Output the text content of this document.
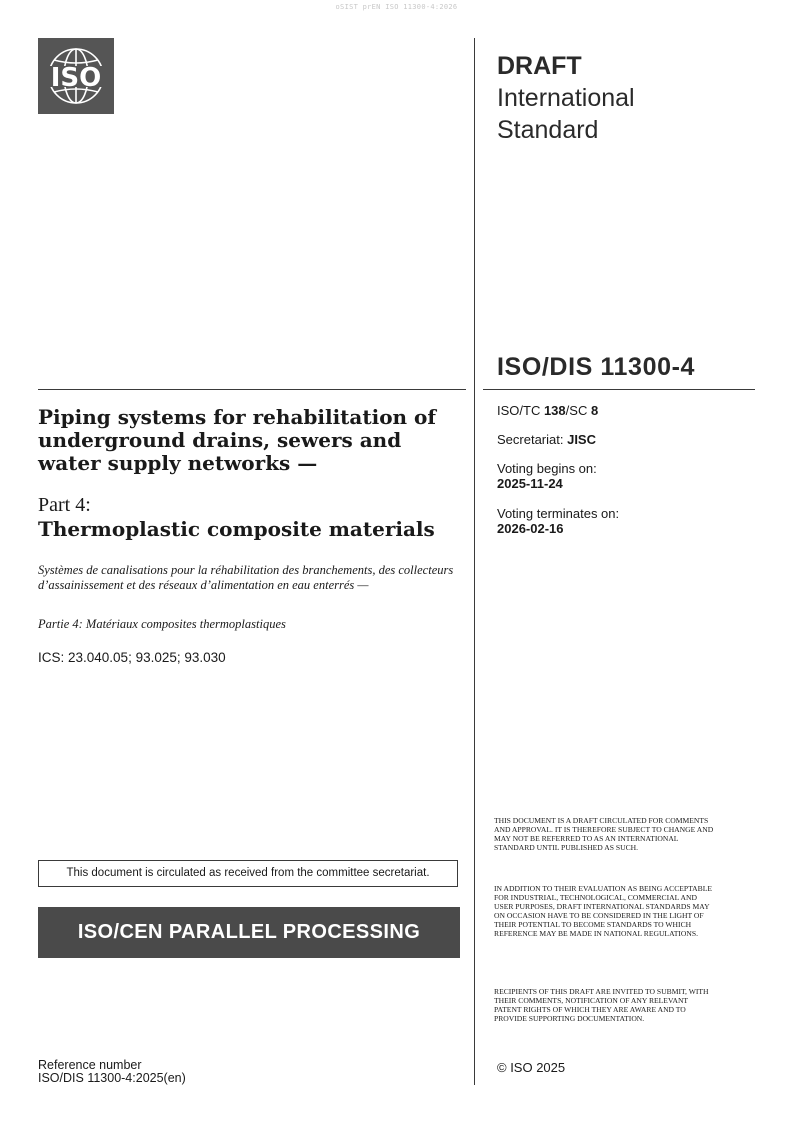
oSIST prEN ISO 11300-4:2026
ISO	DRAFT
International
Standard
ISO/DIS 11300-4
ISO/TC 138/SC 8
Secretariat: JISC
Voting begins on:
2025-11-24
Voting terminates on:
2026-02-16
Piping systems for rehabilitation of underground drains, sewers and water supply networks —
Part 4:
Thermoplastic composite materials
Systèmes de canalisations pour la réhabilitation des branchements, des collecteurs d’assainissement et des réseaux d’alimentation en eau enterrés —
Partie 4: Matériaux composites thermoplastiques
ICS: 23.040.05; 93.025; 93.030
This document is circulated as received from the committee secretariat.
ISO/CEN PARALLEL PROCESSING
Reference number
ISO/DIS 11300-4:2025(en)
THIS DOCUMENT IS A DRAFT CIRCULATED FOR COMMENTS AND APPROVAL. IT IS THEREFORE SUBJECT TO CHANGE AND MAY NOT BE REFERRED TO AS AN INTERNATIONAL STANDARD UNTIL PUBLISHED AS SUCH.
IN ADDITION TO THEIR EVALUATION AS BEING ACCEPTABLE FOR INDUSTRIAL, TECHNOLOGICAL, COMMERCIAL AND USER PURPOSES, DRAFT INTERNATIONAL STANDARDS MAY ON OCCASION HAVE TO BE CONSIDERED IN THE LIGHT OF THEIR POTENTIAL TO BECOME STANDARDS TO WHICH REFERENCE MAY BE MADE IN NATIONAL REGULATIONS.
RECIPIENTS OF THIS DRAFT ARE INVITED TO SUBMIT, WITH THEIR COMMENTS, NOTIFICATION OF ANY RELEVANT PATENT RIGHTS OF WHICH THEY ARE AWARE AND TO PROVIDE SUPPORTING DOCUMENTATION.
© ISO 2025
